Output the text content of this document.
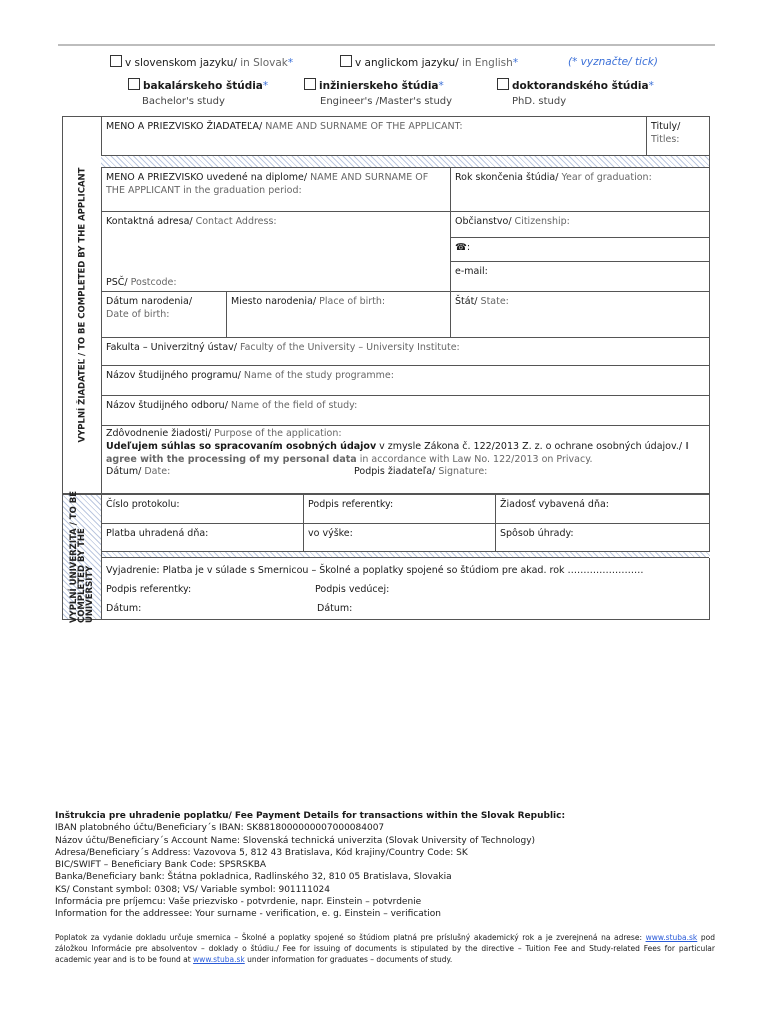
v slovenskom jazyku/ in Slovak*	v anglickom jazyku/ in English*	(* vyznačte/ tick)
bakalárskeho štúdia*
Bachelor's study
inžinierskeho štúdia*
Engineer's /Master's study
doktorandského štúdia*
PhD. study
VYPLNÍ ŽIADATEĽ / TO BE COMPLETED BY THE APPLICANT
MENO A PRIEZVISKO ŽIADATEĽA/ NAME AND SURNAME OF THE APPLICANT:	Tituly/ Titles:
MENO A PRIEZVISKO uvedené na diplome/ NAME AND SURNAME OF THE APPLICANT in the graduation period:
Rok skončenia štúdia/ Year of graduation:
Kontaktná adresa/ Contact Address:	Občianstvo/ Citizenship:
☎:
e-mail:
PSČ/ Postcode:
Dátum narodenia/
Date of birth:
Miesto narodenia/ Place of birth:	Štát/ State:
Fakulta – Univerzitný ústav/ Faculty of the University – University Institute:
Názov študijného programu/ Name of the study programme:
Názov študijného odboru/ Name of the field of study:
Zdôvodnenie žiadosti/ Purpose of the application:
Udeľujem súhlas so spracovaním osobných údajov v zmysle Zákona č. 122/2013 Z. z. o ochrane osobných údajov./ I agree with the processing of my personal data in accordance with Law No. 122/2013 on Privacy.
Dátum/ Date:	Podpis žiadateľa/ Signature:
VYPLNÍ UNIVERZITA / TO BE
COMPLETED BY THE
UNIVERSITY
Číslo protokolu:	Podpis referentky:	Žiadosť vybavená dňa:
Platba uhradená dňa:	vo výške:	Spôsob úhrady:
Vyjadrenie: Platba je v súlade s Smernicou – Školné a poplatky spojené so štúdiom pre akad. rok ……………………
Podpis referentky:	Podpis vedúcej:
Dátum:	Dátum:
Inštrukcia pre uhradenie poplatku/ Fee Payment Details for transactions within the Slovak Republic:
IBAN platobného účtu/Beneficiary´s IBAN: SK8818000000007000084007
Názov účtu/Beneficiary´s Account Name: Slovenská technická univerzita (Slovak University of Technology)
Adresa/Beneficiary´s Address: Vazovova 5, 812 43 Bratislava, Kód krajiny/Country Code: SK
BIC/SWIFT – Beneficiary Bank Code: SPSRSKBA
Banka/Beneficiary bank: Štátna pokladnica, Radlinského 32, 810 05 Bratislava, Slovakia
KS/ Constant symbol: 0308; VS/ Variable symbol: 901111024
Informácia pre príjemcu: Vaše priezvisko - potvrdenie, napr. Einstein – potvrdenie
Information for the addressee: Your surname - verification, e. g. Einstein – verification
Poplatok za vydanie dokladu určuje smernica – Školné a poplatky spojené so štúdiom platná pre príslušný akademický rok a je zverejnená na adrese: www.stuba.sk pod záložkou Informácie pre absolventov – doklady o štúdiu./ Fee for issuing of documents is stipulated by the directive – Tuition Fee and Study-related Fees for particular academic year and is to be found at www.stuba.sk under information for graduates – documents of study.
